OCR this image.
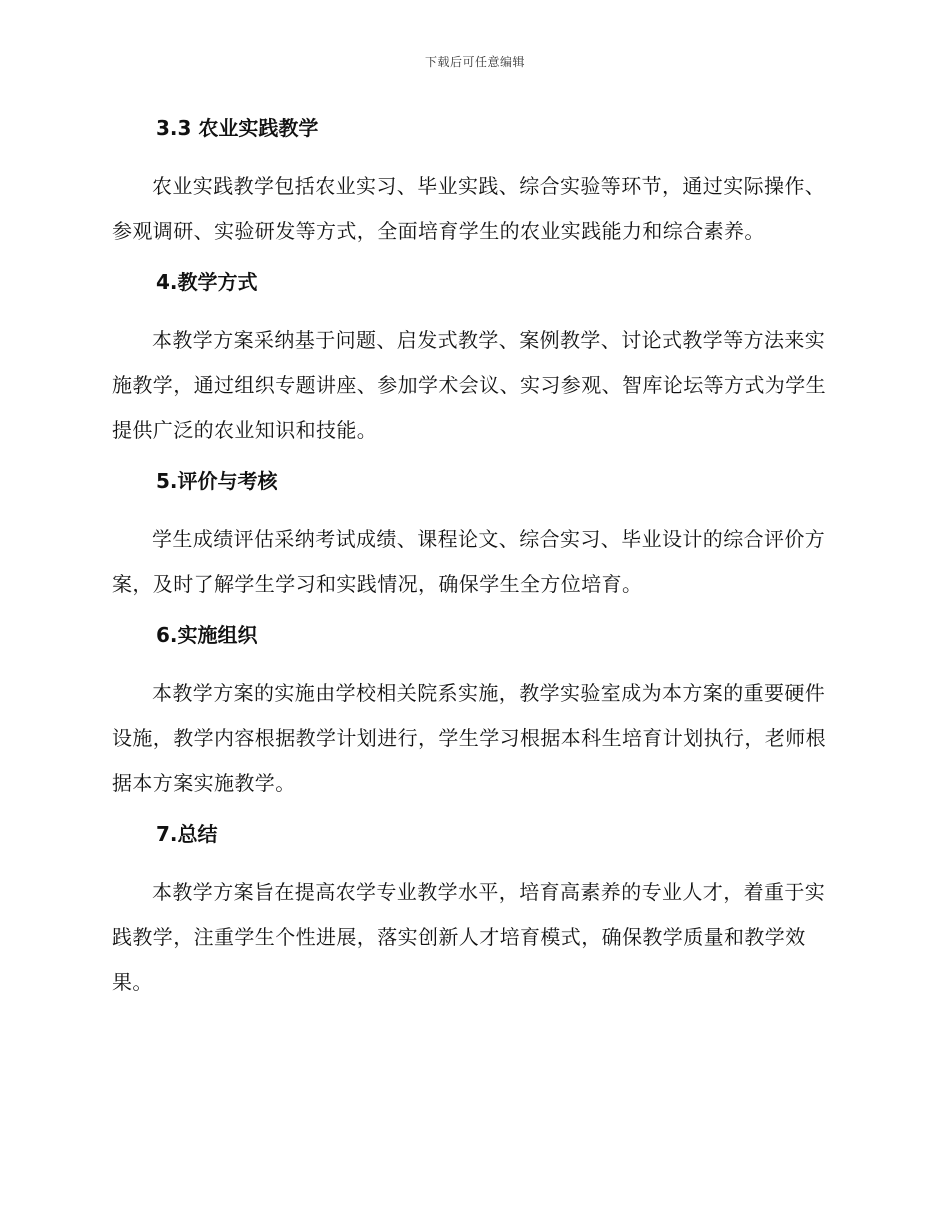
下载后可任意编辑
3.3 农业实践教学

农业实践教学包括农业实习、毕业实践、综合实验等环节，通过实际操作、参观调研、实验研发等方式，全面培育学生的农业实践能力和综合素养。

4.教学方式

本教学方案采纳基于问题、启发式教学、案例教学、讨论式教学等方法来实施教学，通过组织专题讲座、参加学术会议、实习参观、智库论坛等方式为学生提供广泛的农业知识和技能。

5.评价与考核

学生成绩评估采纳考试成绩、课程论文、综合实习、毕业设计的综合评价方案，及时了解学生学习和实践情况，确保学生全方位培育。

6.实施组织

本教学方案的实施由学校相关院系实施，教学实验室成为本方案的重要硬件设施，教学内容根据教学计划进行，学生学习根据本科生培育计划执行，老师根据本方案实施教学。

7.总结

本教学方案旨在提高农学专业教学水平，培育高素养的专业人才，着重于实践教学，注重学生个性进展，落实创新人才培育模式，确保教学质量和教学效果。
